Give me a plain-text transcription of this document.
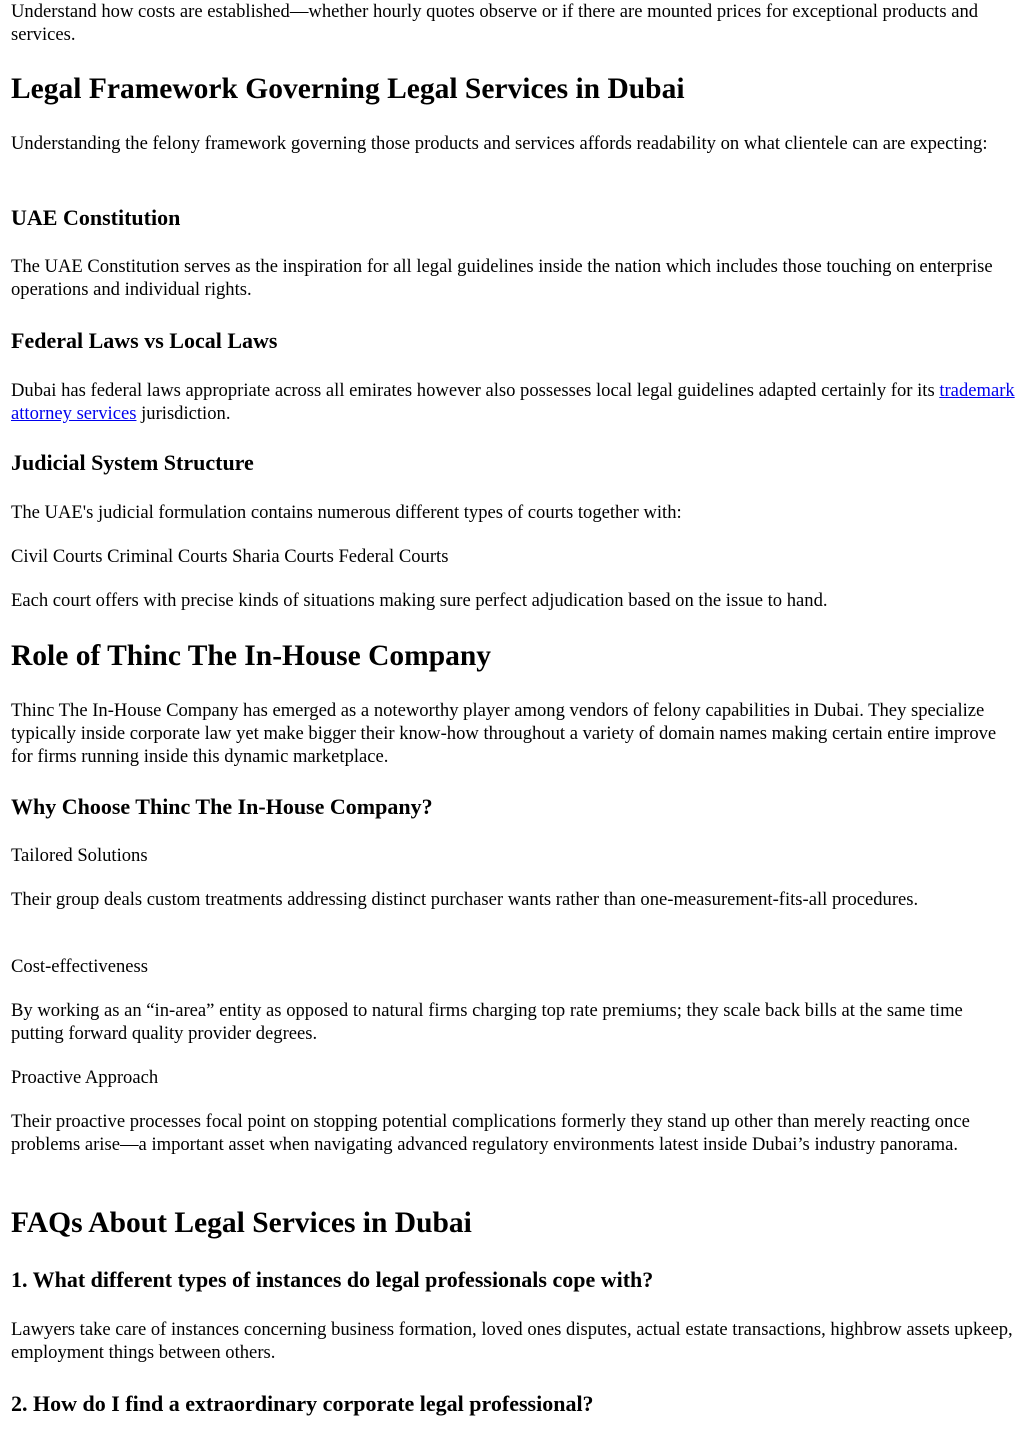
Understand how costs are established—whether hourly quotes observe or if there are mounted prices for exceptional products and services.

Legal Framework Governing Legal Services in Dubai

Understanding the felony framework governing those products and services affords readability on what clientele can are expecting:

UAE Constitution

The UAE Constitution serves as the inspiration for all legal guidelines inside the nation which includes those touching on enterprise operations and individual rights.

Federal Laws vs Local Laws

Dubai has federal laws appropriate across all emirates however also possesses local legal guidelines adapted certainly for its trademark attorney services jurisdiction.

Judicial System Structure

The UAE's judicial formulation contains numerous different types of courts together with:

Civil Courts Criminal Courts Sharia Courts Federal Courts

Each court offers with precise kinds of situations making sure perfect adjudication based on the issue to hand.

Role of Thinc The In-House Company

Thinc The In-House Company has emerged as a noteworthy player among vendors of felony capabilities in Dubai. They specialize typically inside corporate law yet make bigger their know-how throughout a variety of domain names making certain entire improve for firms running inside this dynamic marketplace.

Why Choose Thinc The In-House Company?

Tailored Solutions

Their group deals custom treatments addressing distinct purchaser wants rather than one-measurement-fits-all procedures.

Cost-effectiveness

By working as an “in-area” entity as opposed to natural firms charging top rate premiums; they scale back bills at the same time putting forward quality provider degrees.

Proactive Approach

Their proactive processes focal point on stopping potential complications formerly they stand up other than merely reacting once problems arise—a important asset when navigating advanced regulatory environments latest inside Dubai’s industry panorama.

FAQs About Legal Services in Dubai
1. What different types of instances do legal professionals cope with?

Lawyers take care of instances concerning business formation, loved ones disputes, actual estate transactions, highbrow assets upkeep, employment things between others.

2. How do I find a extraordinary corporate legal professional?
